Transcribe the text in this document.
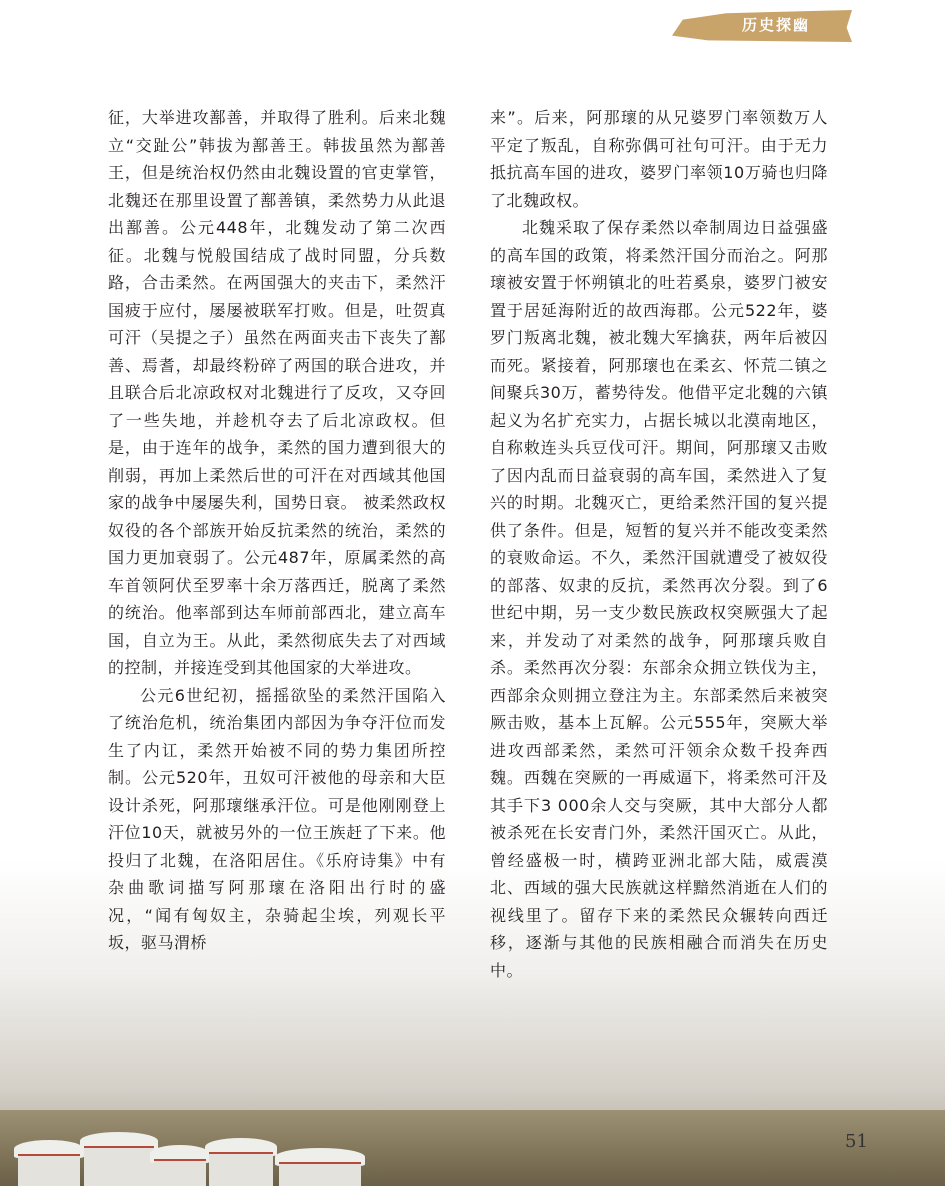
历史探幽

征，大举进攻鄯善，并取得了胜利。后来北魏立“交趾公”韩拔为鄯善王。韩拔虽然为鄯善王，但是统治权仍然由北魏设置的官吏掌管，北魏还在那里设置了鄯善镇，柔然势力从此退出鄯善。公元448年，北魏发动了第二次西征。北魏与悦般国结成了战时同盟，分兵数路，合击柔然。在两国强大的夹击下，柔然汗国疲于应付，屡屡被联军打败。但是，吐贺真可汗（吴提之子）虽然在两面夹击下丧失了鄯善、焉耆，却最终粉碎了两国的联合进攻，并且联合后北凉政权对北魏进行了反攻，又夺回了一些失地，并趁机夺去了后北凉政权。但是，由于连年的战争，柔然的国力遭到很大的削弱，再加上柔然后世的可汗在对西域其他国家的战争中屡屡失利，国势日衰。 被柔然政权奴役的各个部族开始反抗柔然的统治，柔然的国力更加衰弱了。公元487年，原属柔然的高车首领阿伏至罗率十余万落西迁，脱离了柔然的统治。他率部到达车师前部西北，建立高车国，自立为王。从此，柔然彻底失去了对西域的控制，并接连受到其他国家的大举进攻。

公元6世纪初，摇摇欲坠的柔然汗国陷入了统治危机，统治集团内部因为争夺汗位而发生了内讧，柔然开始被不同的势力集团所控制。公元520年，丑奴可汗被他的母亲和大臣设计杀死，阿那瓌继承汗位。可是他刚刚登上汗位10天，就被另外的一位王族赶了下来。他投归了北魏，在洛阳居住。《乐府诗集》中有杂曲歌词描写阿那瓌在洛阳出行时的盛况，“闻有匈奴主，杂骑起尘埃，列观长平坂，驱马渭桥

来”。后来，阿那瓌的从兄婆罗门率领数万人平定了叛乱，自称弥偶可社句可汗。由于无力抵抗高车国的进攻，婆罗门率领10万骑也归降了北魏政权。

北魏采取了保存柔然以牵制周边日益强盛的高车国的政策，将柔然汗国分而治之。阿那瓌被安置于怀朔镇北的吐若奚泉，婆罗门被安置于居延海附近的故西海郡。公元522年，婆罗门叛离北魏，被北魏大军擒获，两年后被囚而死。紧接着，阿那瓌也在柔玄、怀荒二镇之间聚兵30万，蓄势待发。他借平定北魏的六镇起义为名扩充实力，占据长城以北漠南地区，自称敕连头兵豆伐可汗。期间，阿那瓌又击败了因内乱而日益衰弱的高车国，柔然进入了复兴的时期。北魏灭亡，更给柔然汗国的复兴提供了条件。但是，短暂的复兴并不能改变柔然的衰败命运。不久，柔然汗国就遭受了被奴役的部落、奴隶的反抗，柔然再次分裂。到了6世纪中期，另一支少数民族政权突厥强大了起来，并发动了对柔然的战争，阿那瓌兵败自杀。柔然再次分裂：东部余众拥立铁伐为主，西部余众则拥立登注为主。东部柔然后来被突厥击败，基本上瓦解。公元555年，突厥大举进攻西部柔然，柔然可汗领余众数千投奔西魏。西魏在突厥的一再威逼下，将柔然可汗及其手下3 000余人交与突厥，其中大部分人都被杀死在长安青门外，柔然汗国灭亡。从此，曾经盛极一时，横跨亚洲北部大陆，威震漠北、西域的强大民族就这样黯然消逝在人们的视线里了。留存下来的柔然民众辗转向西迁移，逐渐与其他的民族相融合而消失在历史中。

51
